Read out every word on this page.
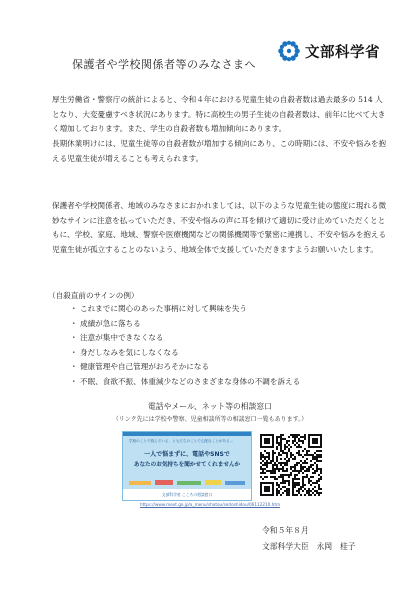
文部科学省
保護者や学校関係者等のみなさまへ
厚生労働省・警察庁の統計によると、令和４年における児童生徒の自殺者数は過去最多の 514 人となり、大変憂慮すべき状況にあります。特に高校生の男子生徒の自殺者数は、前年に比べて大きく増加しております。また、学生の自殺者数も増加傾向にあります。
長期休業明けには、児童生徒等の自殺者数が増加する傾向にあり、この時期には、不安や悩みを抱える児童生徒が増えることも考えられます。
保護者や学校関係者、地域のみなさまにおかれましては、以下のような児童生徒の態度に現れる微妙なサインに注意を払っていただき、不安や悩みの声に耳を傾けて適切に受け止めていただくとともに、学校、家庭、地域、警察や医療機関などの関係機関等で緊密に連携し、不安や悩みを抱える児童生徒が孤立することのないよう、地域全体で支援していただきますようお願いいたします。
（自殺直前のサインの例）
・ これまでに関心のあった事柄に対して興味を失う
・ 成績が急に落ちる
・ 注意が集中できなくなる
・ 身だしなみを気にしなくなる
・ 健康管理や自己管理がおろそかになる
・ 不眠、食欲不振、体重減少などのさまざまな身体の不調を訴える
電話やメール、ネット等の相談窓口
（リンク先には学校や警察、児童相談所等の相談窓口一覧もあります。）
学校のことで悩んでいる、ともだちのことで心配なことがある…
一人で悩まずに、電話やSNSで
あなたのお気持ちを聞かせてくれませんか
文部科学省 こころの相談窓口
https://www.mext.go.jp/a_menu/shotou/seitoshidou/06112210.htm
令和５年８月
文部科学大臣　永岡　桂子
